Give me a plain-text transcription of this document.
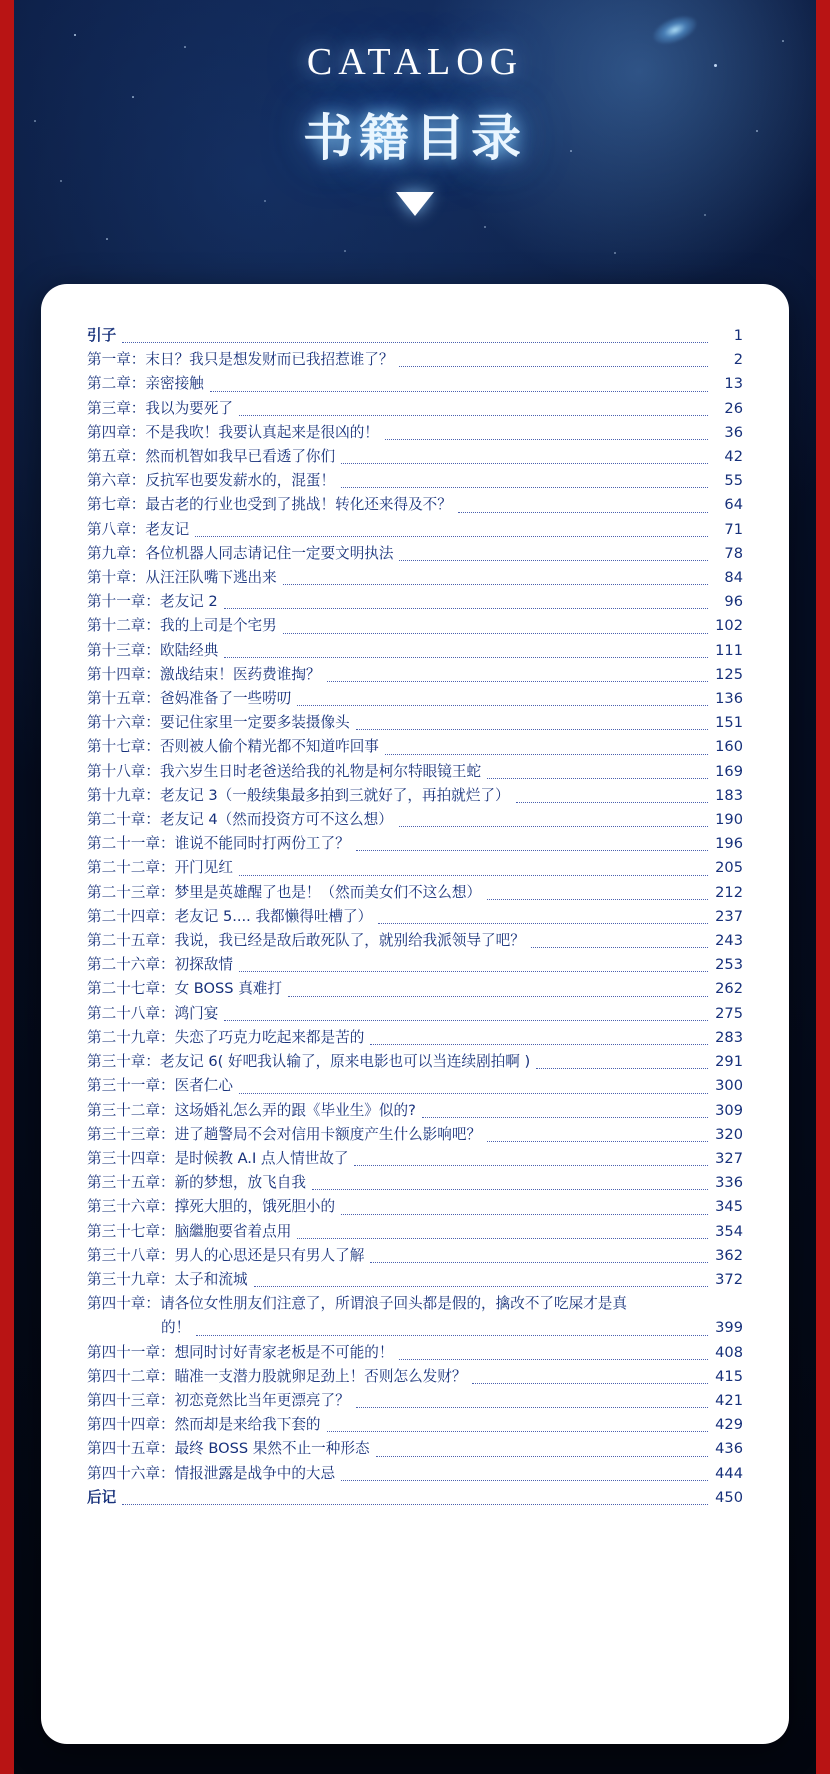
CATALOG
书籍目录
引子	1
第一章：末日？我只是想发财而已我招惹谁了？	2
第二章：亲密接触	13
第三章：我以为要死了	26
第四章：不是我吹！我要认真起来是很凶的！	36
第五章：然而机智如我早已看透了你们	42
第六章：反抗军也要发薪水的，混蛋！	55
第七章：最古老的行业也受到了挑战！转化还来得及不？	64
第八章：老友记	71
第九章：各位机器人同志请记住一定要文明执法	78
第十章：从汪汪队嘴下逃出来	84
第十一章：老友记 2	96
第十二章：我的上司是个宅男	102
第十三章：欧陆经典	111
第十四章：激战结束！医药费谁掏？	125
第十五章：爸妈准备了一些唠叨	136
第十六章：要记住家里一定要多装摄像头	151
第十七章：否则被人偷个精光都不知道咋回事	160
第十八章：我六岁生日时老爸送给我的礼物是柯尔特眼镜王蛇	169
第十九章：老友记 3（一般续集最多拍到三就好了，再拍就烂了）	183
第二十章：老友记 4（然而投资方可不这么想）	190
第二十一章：谁说不能同时打两份工了？	196
第二十二章：开门见红	205
第二十三章：梦里是英雄醒了也是！（然而美女们不这么想）	212
第二十四章：老友记 5.... 我都懒得吐槽了）	237
第二十五章：我说，我已经是敌后敢死队了，就别给我派领导了吧？	243
第二十六章：初探敌情	253
第二十七章：女 BOSS 真难打	262
第二十八章：鸿门宴	275
第二十九章：失恋了巧克力吃起来都是苦的	283
第三十章：老友记 6( 好吧我认输了，原来电影也可以当连续剧拍啊 )	291
第三十一章：医者仁心	300
第三十二章：这场婚礼怎么弄的跟《毕业生》似的?	309
第三十三章：进了趟警局不会对信用卡额度产生什么影响吧？	320
第三十四章：是时候教 A.I 点人情世故了	327
第三十五章：新的梦想，放飞自我	336
第三十六章：撑死大胆的，饿死胆小的	345
第三十七章：脑繼胞要省着点用	354
第三十八章：男人的心思还是只有男人了解	362
第三十九章：太子和流城	372
第四十章：请各位女性朋友们注意了，所谓浪子回头都是假的，擒改不了吃屎才是真
的！	399
第四十一章：想同时讨好青家老板是不可能的！	408
第四十二章：瞄准一支潜力股就卵足劲上！否则怎么发财？	415
第四十三章：初恋竟然比当年更漂亮了？	421
第四十四章：然而却是来给我下套的	429
第四十五章：最终 BOSS 果然不止一种形态	436
第四十六章：情报泄露是战争中的大忌	444
后记	450
